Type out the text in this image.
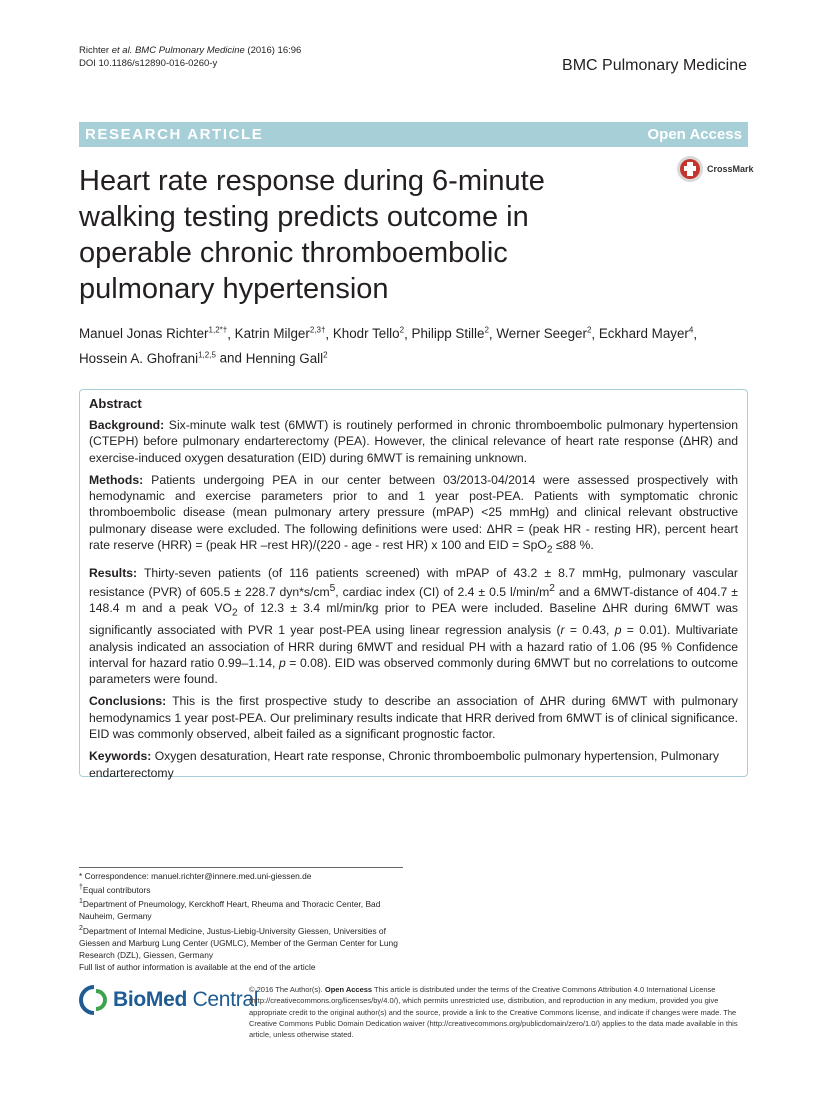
Richter et al. BMC Pulmonary Medicine (2016) 16:96
DOI 10.1186/s12890-016-0260-y	BMC Pulmonary Medicine
RESEARCH ARTICLE	Open Access
CrossMark
Heart rate response during 6-minute walking testing predicts outcome in operable chronic thromboembolic pulmonary hypertension
Manuel Jonas Richter$^{1,2*\dagger}$, Katrin Milger$^{2,3\dagger}$, Khodr Tello$^2$, Philipp Stille$^2$, Werner Seeger$^2$, Eckhard Mayer$^4$,
Hossein A. Ghofrani$^{1,2,5}$ and Henning Gall$^2$
Abstract

Background: Six-minute walk test (6MWT) is routinely performed in chronic thromboembolic pulmonary hypertension (CTEPH) before pulmonary endarterectomy (PEA). However, the clinical relevance of heart rate response (ΔHR) and exercise-induced oxygen desaturation (EID) during 6MWT is remaining unknown.

Methods: Patients undergoing PEA in our center between 03/2013-04/2014 were assessed prospectively with hemodynamic and exercise parameters prior to and 1 year post-PEA. Patients with symptomatic chronic thromboembolic disease (mean pulmonary artery pressure (mPAP) <25 mmHg) and clinical relevant obstructive pulmonary disease were excluded. The following definitions were used: ΔHR = (peak HR - resting HR), percent heart rate reserve (HRR) = (peak HR –rest HR)/(220 - age - rest HR) x 100 and EID = SpO$_2$ ≤88 %.

Results: Thirty-seven patients (of 116 patients screened) with mPAP of 43.2 ± 8.7 mmHg, pulmonary vascular resistance (PVR) of 605.5 ± 228.7 $dyn*s/cm^5$, cardiac index (CI) of 2.4 ± 0.5 $l/\min/m^2$ and a 6MWT-distance of 404.7 ± 148.4 m and a peak $VO_2$ of 12.3 ± 3.4 ml/min/kg prior to PEA were included. Baseline ΔHR during 6MWT was significantly associated with PVR 1 year post-PEA using linear regression analysis (r = 0.43, p = 0.01). Multivariate analysis indicated an association of HRR during 6MWT and residual PH with a hazard ratio of 1.06 (95 % Confidence interval for hazard ratio 0.99–1.14, p = 0.08). EID was observed commonly during 6MWT but no correlations to outcome parameters were found.

Conclusions: This is the first prospective study to describe an association of ΔHR during 6MWT with pulmonary hemodynamics 1 year post-PEA. Our preliminary results indicate that HRR derived from 6MWT is of clinical significance. EID was commonly observed, albeit failed as a significant prognostic factor.

Keywords: Oxygen desaturation, Heart rate response, Chronic thromboembolic pulmonary hypertension, Pulmonary endarterectomy

* Correspondence: manuel.richter@innere.med.uni-giessen.de
†Equal contributors
$^1$Department of Pneumology, Kerckhoff Heart, Rheuma and Thoracic Center, Bad Nauheim, Germany
$^2$Department of Internal Medicine, Justus-Liebig-University Giessen, Universities of Giessen and Marburg Lung Center (UGMLC), Member of the German Center for Lung Research (DZL), Giessen, Germany
Full list of author information is available at the end of the article
BioMed Central
© 2016 The Author(s). Open Access This article is distributed under the terms of the Creative Commons Attribution 4.0 International License (http://creativecommons.org/licenses/by/4.0/), which permits unrestricted use, distribution, and reproduction in any medium, provided you give appropriate credit to the original author(s) and the source, provide a link to the Creative Commons license, and indicate if changes were made. The Creative Commons Public Domain Dedication waiver (http://creativecommons.org/publicdomain/zero/1.0/) applies to the data made available in this article, unless otherwise stated.
